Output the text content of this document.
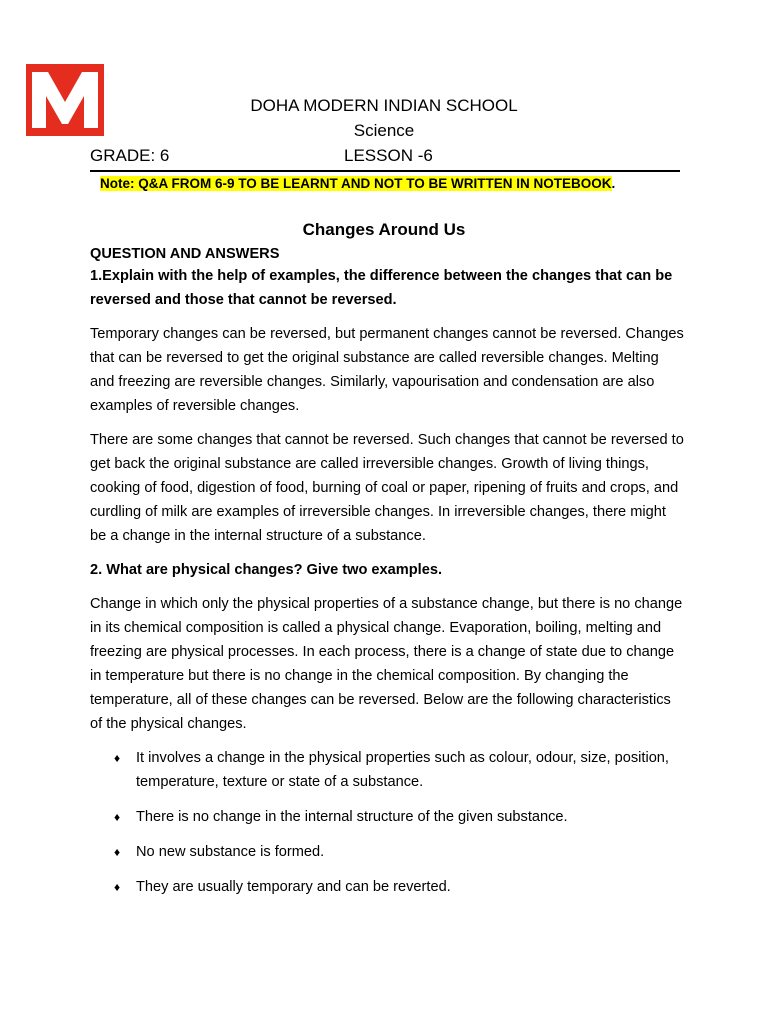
DOHA MODERN INDIAN SCHOOL
Science
GRADE: 6	LESSON -6
Note: Q&A FROM 6-9 TO BE LEARNT AND NOT TO BE WRITTEN IN NOTEBOOK.
Changes Around Us

QUESTION AND ANSWERS

1.Explain with the help of examples, the difference between the changes that can be reversed and those that cannot be reversed.

Temporary changes can be reversed, but permanent changes cannot be reversed. Changes that can be reversed to get the original substance are called reversible changes. Melting and freezing are reversible changes. Similarly, vapourisation and condensation are also examples of reversible changes.

There are some changes that cannot be reversed. Such changes that cannot be reversed to get back the original substance are called irreversible changes. Growth of living things, cooking of food, digestion of food, burning of coal or paper, ripening of fruits and crops, and curdling of milk are examples of irreversible changes. In irreversible changes, there might be a change in the internal structure of a substance.

2. What are physical changes? Give two examples.

Change in which only the physical properties of a substance change, but there is no change in its chemical composition is called a physical change. Evaporation, boiling, melting and freezing are physical processes. In each process, there is a change of state due to change in temperature but there is no change in the chemical composition. By changing the temperature, all of these changes can be reversed. Below are the following characteristics of the physical changes.

♦ It involves a change in the physical properties such as colour, odour, size, position, temperature, texture or state of a substance.
♦ There is no change in the internal structure of the given substance.
♦ No new substance is formed.
♦ They are usually temporary and can be reverted.
